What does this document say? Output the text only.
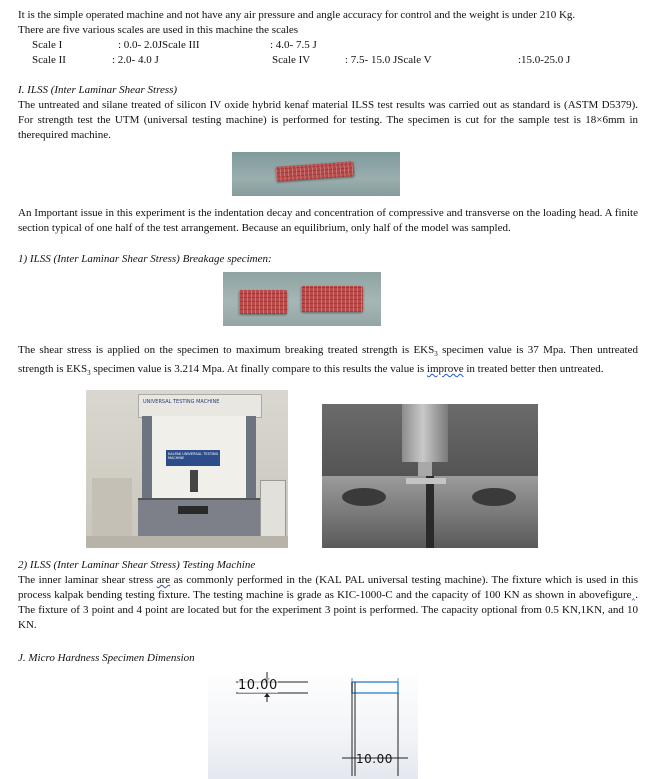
It is the simple operated machine and not have any air pressure and angle accuracy for control and the weight is under 210 Kg.
There are five various scales are used in this machine the scales
Scale I	: 0.0- 2.0JScale III	: 4.0- 7.5 J
Scale II	: 2.0- 4.0 J	Scale IV	: 7.5- 15.0 JScale V	:15.0-25.0 J
I. ILSS (Inter Laminar Shear Stress)
The untreated and silane treated of silicon IV oxide hybrid kenaf material ILSS test results was carried out as standard is (ASTM D5379). For strength test the UTM (universal testing machine) is performed for testing. The specimen is cut for the sample test is 18×6mm in therequired machine.
An Important issue in this experiment is the indentation decay and concentration of compressive and transverse on the loading head. A finite section typical of one half of the test arrangement. Because an equilibrium, only half of the model was sampled.
1) ILSS (Inter Laminar Shear Stress) Breakage specimen:
The shear stress is applied on the specimen to maximum breaking treated strength is $EKS_3$ specimen value is 37 Mpa. Then untreated strength is $EKS_3$ specimen value is 3.214 Mpa. At finally compare to this results the value is improve in treated better then untreated.
UNIVERSAL TESTING MACHINE
KALPAK UNIVERSAL TESTING MACHINE
2) ILSS (Inter Laminar Shear Stress) Testing Machine
The inner laminar shear stress are as commonly performed in the (KAL PAL universal testing machine). The fixture which is used in this process kalpak bending testing fixture. The testing machine is grade as KIC-1000-C and the capacity of 100 KN as shown in abovefigure‸. The fixture of 3 point and 4 point are located but for the experiment 3 point is performed. The capacity optional from 0.5 KN,1KN, and 10 KN.
J. Micro Hardness Specimen Dimension
10.00
10.00
